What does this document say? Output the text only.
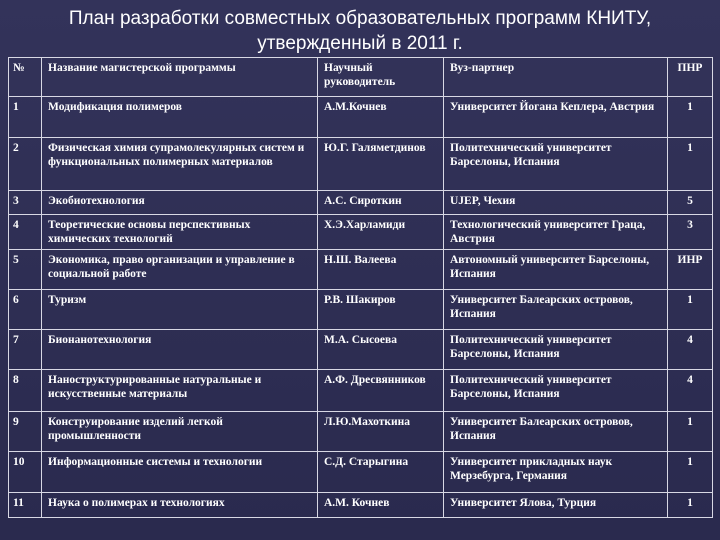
План разработки совместных образовательных программ КНИТУ,
утвержденный в 2011 г.
№	Название магистерской программы	Научный руководитель	Вуз-партнер	ПНР
1	Модификация полимеров	А.М.Кочнев	Университет Йогана Кеплера, Австрия	1
2	Физическая химия супрамолекулярных систем и функциональных полимерных материалов	Ю.Г. Галяметдинов	Политехнический университет Барселоны, Испания	1
3	Экобиотехнология	А.С. Сироткин	UJEP, Чехия	5
4	Теоретические основы перспективных химических технологий	Х.Э.Харламиди	Технологический университет Граца, Австрия	3
5	Экономика, право организации и управление в социальной работе	Н.Ш. Валеева	Автономный университет Барселоны, Испания	ИНР
6	Туризм	Р.В. Шакиров	Университет Балеарских островов, Испания	1
7	Бионанотехнология	М.А. Сысоева	Политехнический университет Барселоны, Испания	4
8	Наноструктурированные натуральные и искусственные материалы	А.Ф. Дресвянников	Политехнический университет Барселоны, Испания	4
9	Конструирование изделий легкой промышленности	Л.Ю.Махоткина	Университет Балеарских островов, Испания	1
10	Информационные системы и технологии	С.Д. Старыгина	Университет прикладных наук Мерзебурга, Германия	1
11	Наука о полимерах и технологиях	А.М. Кочнев	Университет Ялова, Турция	1
